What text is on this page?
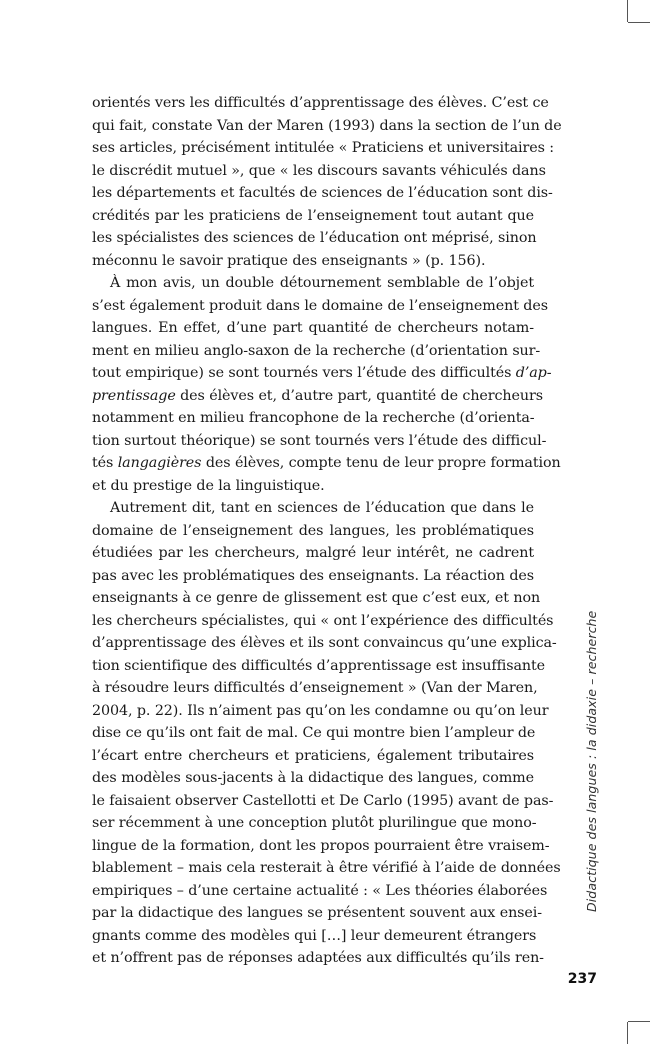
orientés vers les difficultés d’apprentissage des élèves. C’est ce
qui fait, constate Van der Maren (1993) dans la section de l’un de
ses articles, précisément intitulée « Praticiens et universitaires :
le discrédit mutuel », que « les discours savants véhiculés dans
les départements et facultés de sciences de l’éducation sont dis-
crédités par les praticiens de l’enseignement tout autant que
les spécialistes des sciences de l’éducation ont méprisé, sinon
méconnu le savoir pratique des enseignants » (p. 156).
À mon avis, un double détournement semblable de l’objet
s’est également produit dans le domaine de l’enseignement des
langues. En effet, d’une part quantité de chercheurs notam-
ment en milieu anglo-saxon de la recherche (d’orientation sur-
tout empirique) se sont tournés vers l’étude des difficultés d’ap-
prentissage des élèves et, d’autre part, quantité de chercheurs
notamment en milieu francophone de la recherche (d’orienta-
tion surtout théorique) se sont tournés vers l’étude des difficul-
tés langagières des élèves, compte tenu de leur propre formation
et du prestige de la linguistique.
Autrement dit, tant en sciences de l’éducation que dans le
domaine de l’enseignement des langues, les problématiques
étudiées par les chercheurs, malgré leur intérêt, ne cadrent
pas avec les problématiques des enseignants. La réaction des
enseignants à ce genre de glissement est que c’est eux, et non
les chercheurs spécialistes, qui « ont l’expérience des difficultés
d’apprentissage des élèves et ils sont convaincus qu’une explica-
tion scientifique des difficultés d’apprentissage est insuffisante
à résoudre leurs difficultés d’enseignement » (Van der Maren,
2004, p. 22). Ils n’aiment pas qu’on les condamne ou qu’on leur
dise ce qu’ils ont fait de mal. Ce qui montre bien l’ampleur de
l’écart entre chercheurs et praticiens, également tributaires
des modèles sous-jacents à la didactique des langues, comme
le faisaient observer Castellotti et De Carlo (1995) avant de pas-
ser récemment à une conception plutôt plurilingue que mono-
lingue de la formation, dont les propos pourraient être vraisem-
blablement – mais cela resterait à être vérifié à l’aide de données
empiriques – d’une certaine actualité : « Les théories élaborées
par la didactique des langues se présentent souvent aux ensei-
gnants comme des modèles qui […] leur demeurent étrangers
et n’offrent pas de réponses adaptées aux difficultés qu’ils ren-
Didactique des langues : la didaxie – recherche
237
